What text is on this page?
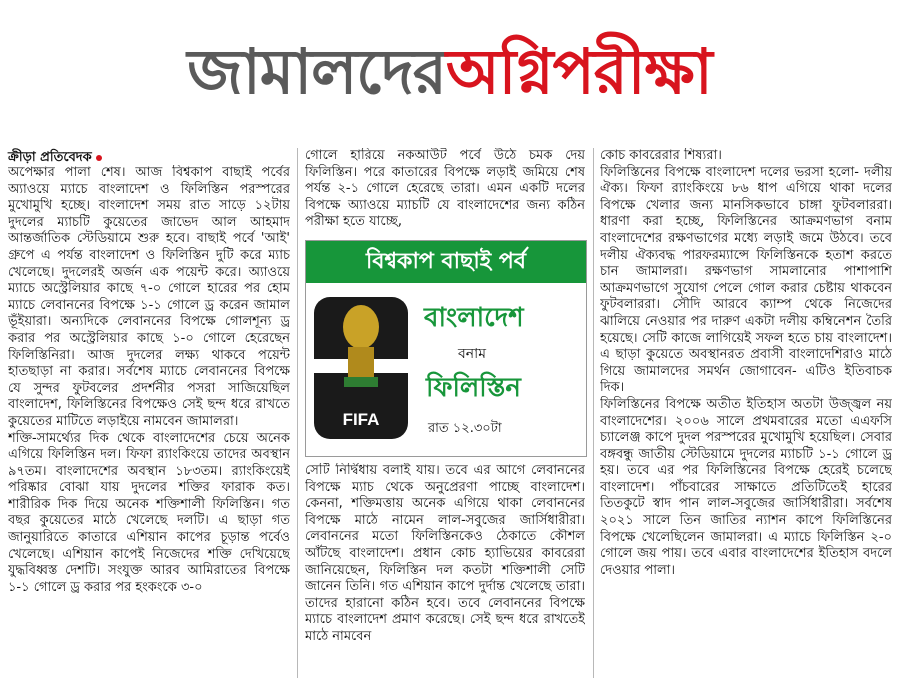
জামালদেরঅগ্নিপরীক্ষা
ক্রীড়া প্রতিবেদক

অপেক্ষার পালা শেষ। আজ বিশ্বকাপ বাছাই পর্বের অ্যাওয়ে ম্যাচে বাংলাদেশ ও ফিলিস্তিন পরস্পরের মুখোমুখি হচ্ছে। বাংলাদেশ সময় রাত সাড়ে ১২টায় দুদলের ম্যাচটি কুয়েতের জাভেদ আল আহমাদ আন্তর্জাতিক স্টেডিয়ামে শুরু হবে। বাছাই পর্বে 'আই' গ্রুপে এ পর্যন্ত বাংলাদেশ ও ফিলিস্তিন দুটি করে ম্যাচ খেলেছে। দুদলেরই অর্জন এক পয়েন্ট করে। অ্যাওয়ে ম্যাচে অস্ট্রেলিয়ার কাছে ৭-০ গোলে হারের পর হোম ম্যাচে লেবাননের বিপক্ষে ১-১ গোলে ড্র করেন জামাল ভূঁইয়ারা। অন্যদিকে লেবাননের বিপক্ষে গোলশূন্য ড্র করার পর অস্ট্রেলিয়ার কাছে ১-০ গোলে হেরেছেন ফিলিস্তিনিরা। আজ দুদলের লক্ষ্য থাকবে পয়েন্ট হাতছাড়া না করার। সর্বশেষ ম্যাচে লেবাননের বিপক্ষে যে সুন্দর ফুটবলের প্রদর্শনীর পসরা সাজিয়েছিল বাংলাদেশ, ফিলিস্তিনের বিপক্ষেও সেই ছন্দ ধরে রাখতে কুয়েতের মাটিতে লড়াইয়ে নামবেন জামালরা।

শক্তি-সামর্থ্যের দিক থেকে বাংলাদেশের চেয়ে অনেক এগিয়ে ফিলিস্তিন দল। ফিফা র‍্যাংকিংয়ে তাদের অবস্থান ৯৭তম। বাংলাদেশের অবস্থান ১৮৩তম। র‍্যাংকিংয়েই পরিষ্কার বোঝা যায় দুদলের শক্তির ফারাক কত। শারীরিক দিক দিয়ে অনেক শক্তিশালী ফিলিস্তিন। গত বছর কুয়েতের মাঠে খেলেছে দলটি। এ ছাড়া গত জানুয়ারিতে কাতারে এশিয়ান কাপের চূড়ান্ত পর্বেও খেলেছে। এশিয়ান কাপেই নিজেদের শক্তি দেখিয়েছে যুদ্ধবিধ্বস্ত দেশটি। সংযুক্ত আরব আমিরাতের বিপক্ষে ১-১ গোলে ড্র করার পর হংকংকে ৩-০

গোলে হারিয়ে নকআউট পর্বে উঠে চমক দেয় ফিলিস্তিন। পরে কাতারের বিপক্ষে লড়াই জমিয়ে শেষ পর্যন্ত ২-১ গোলে হেরেছে তারা। এমন একটি দলের বিপক্ষে অ্যাওয়ে ম্যাচটি যে বাংলাদেশের জন্য কঠিন পরীক্ষা হতে যাচ্ছে,

বিশ্বকাপ বাছাই পর্ব
FIFA
বাংলাদেশ
বনাম
ফিলিস্তিন
রাত ১২.৩০টা

সেটি নির্দ্বিধায় বলাই যায়। তবে এর আগে লেবাননের বিপক্ষে ম্যাচ থেকে অনুপ্রেরণা পাচ্ছে বাংলাদেশ। কেননা, শক্তিমত্তায় অনেক এগিয়ে থাকা লেবাননের বিপক্ষে মাঠে নামেন লাল-সবুজের জার্সিধারীরা। লেবাননের মতো ফিলিস্তিনকেও ঠেকাতে কৌশল আঁটছে বাংলাদেশ। প্রধান কোচ হ্যাভিয়ের কাবরেরা জানিয়েছেন, ফিলিস্তিন দল কতটা শক্তিশালী সেটি জানেন তিনি। গত এশিয়ান কাপে দুর্দান্ত খেলেছে তারা। তাদের হারানো কঠিন হবে। তবে লেবাননের বিপক্ষে ম্যাচে বাংলাদেশ প্রমাণ করেছে। সেই ছন্দ ধরে রাখতেই মাঠে নামবেন

কোচ কাবরেরার শিষ্যরা।

ফিলিস্তিনের বিপক্ষে বাংলাদেশ দলের ভরসা হলো- দলীয় ঐক্য। ফিফা র‍্যাংকিংয়ে ৮৬ ধাপ এগিয়ে থাকা দলের বিপক্ষে খেলার জন্য মানসিকভাবে চাঙ্গা ফুটবলাররা। ধারণা করা হচ্ছে, ফিলিস্তিনের আক্রমণভাগ বনাম বাংলাদেশের রক্ষণভাগের মধ্যে লড়াই জমে উঠবে। তবে দলীয় ঐক্যবদ্ধ পারফরম্যান্সে ফিলিস্তিনকে হতাশ করতে চান জামালরা। রক্ষণভাগ সামলানোর পাশাপাশি আক্রমণভাগে সুযোগ পেলে গোল করার চেষ্টায় থাকবেন ফুটবলাররা। সৌদি আরবে ক্যাম্প থেকে নিজেদের ঝালিয়ে নেওয়ার পর দারুণ একটা দলীয় কম্বিনেশন তৈরি হয়েছে। সেটি কাজে লাগিয়েই সফল হতে চায় বাংলাদেশ। এ ছাড়া কুয়েতে অবস্থানরত প্রবাসী বাংলাদেশিরাও মাঠে গিয়ে জামালদের সমর্থন জোগাবেন- এটিও ইতিবাচক দিক।

ফিলিস্তিনের বিপক্ষে অতীত ইতিহাস অতটা উজ্জ্বল নয় বাংলাদেশের। ২০০৬ সালে প্রথমবারের মতো এএফসি চ্যালেঞ্জ কাপে দুদল পরস্পরের মুখোমুখি হয়েছিল। সেবার বঙ্গবন্ধু জাতীয় স্টেডিয়ামে দুদলের ম্যাচটি ১-১ গোলে ড্র হয়। তবে এর পর ফিলিস্তিনের বিপক্ষে হেরেই চলেছে বাংলাদেশ। পাঁচবারের সাক্ষাতে প্রতিটিতেই হারের তিতকুটে স্বাদ পান লাল-সবুজের জার্সিধারীরা। সর্বশেষ ২০২১ সালে তিন জাতির ন্যাশন কাপে ফিলিস্তিনের বিপক্ষে খেলেছিলেন জামালরা। এ ম্যাচে ফিলিস্তিন ২-০ গোলে জয় পায়। তবে এবার বাংলাদেশের ইতিহাস বদলে দেওয়ার পালা।
